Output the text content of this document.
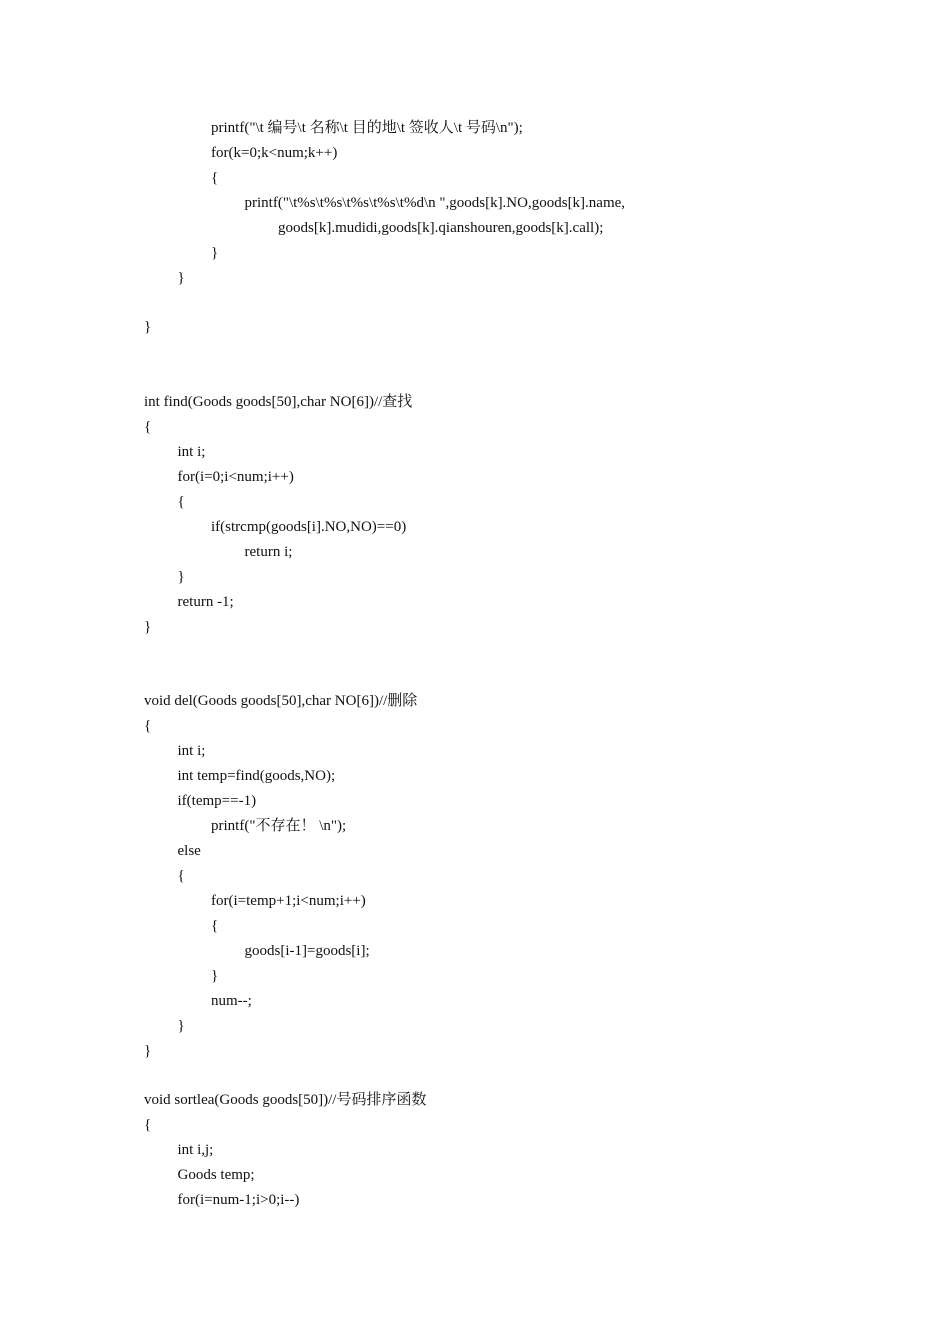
printf("\t 编号\t 名称\t 目的地\t 签收人\t 号码\n");
for(k=0;k<num;k++)
{
printf("\t%s\t%s\t%s\t%s\t%d\n ",goods[k].NO,goods[k].name,
goods[k].mudidi,goods[k].qianshouren,goods[k].call);
}
}
}
int find(Goods goods[50],char NO[6])//查找
{
int i;
for(i=0;i<num;i++)
{
if(strcmp(goods[i].NO,NO)==0)
return i;
}
return -1;
}
void del(Goods goods[50],char NO[6])//删除
{
int i;
int temp=find(goods,NO);
if(temp==-1)
printf("不存在！ \n");
else
{
for(i=temp+1;i<num;i++)
{
goods[i-1]=goods[i];
}
num--;
}
}
void sortlea(Goods goods[50])//号码排序函数
{
int i,j;
Goods temp;
for(i=num-1;i>0;i--)
